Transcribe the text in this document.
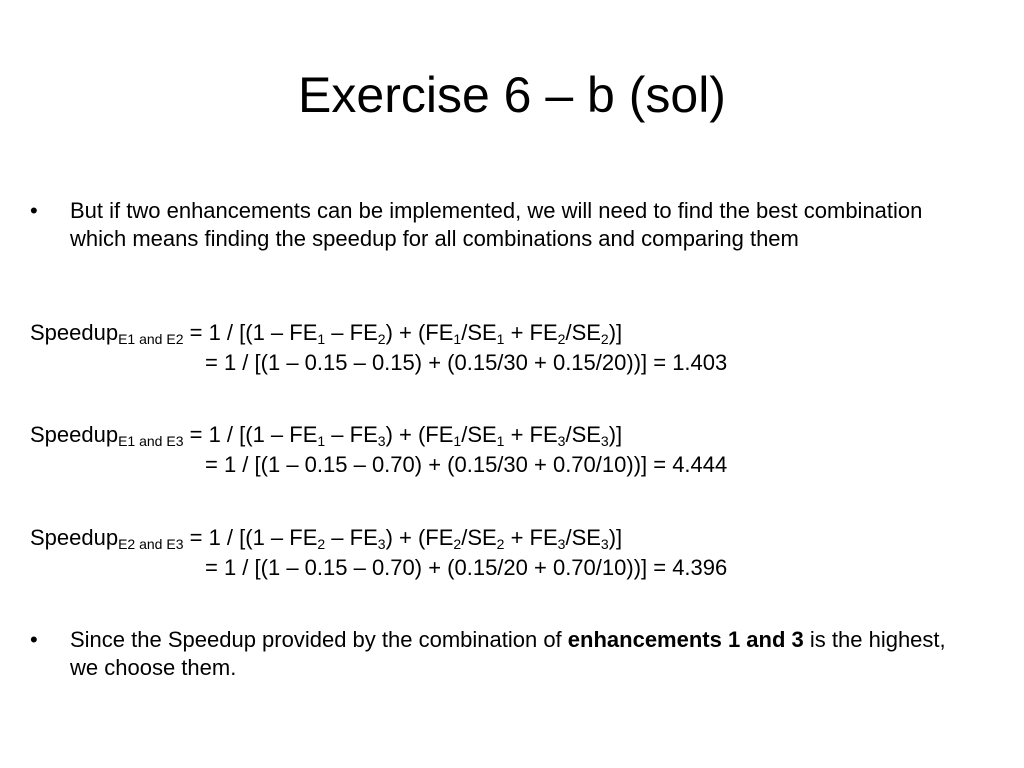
Exercise 6 – b (sol)
• But if two enhancements can be implemented, we will need to find the best combination which means finding the speedup for all combinations and comparing them
Speedup$_{E1 and E2}$ = $1 / [(1 - FE_1 - FE_2) + (FE_1/SE_1 + FE_2/SE_2)]$
= 1 / [(1 – 0.15 – 0.15) + (0.15/30 + 0.15/20))] = 1.403
Speedup$_{E1 and E3}$ = $1 / [(1 - FE_1 - FE_3) + (FE_1/SE_1 + FE_3/SE_3)]$
= 1 / [(1 – 0.15 – 0.70) + (0.15/30 + 0.70/10))] = 4.444
Speedup$_{E2 and E3}$ = $1 / [(1 - FE_2 - FE_3) + (FE_2/SE_2 + FE_3/SE_3)]$
= 1 / [(1 – 0.15 – 0.70) + (0.15/20 + 0.70/10))] = 4.396
• Since the Speedup provided by the combination of enhancements 1 and 3 is the highest, we choose them.
